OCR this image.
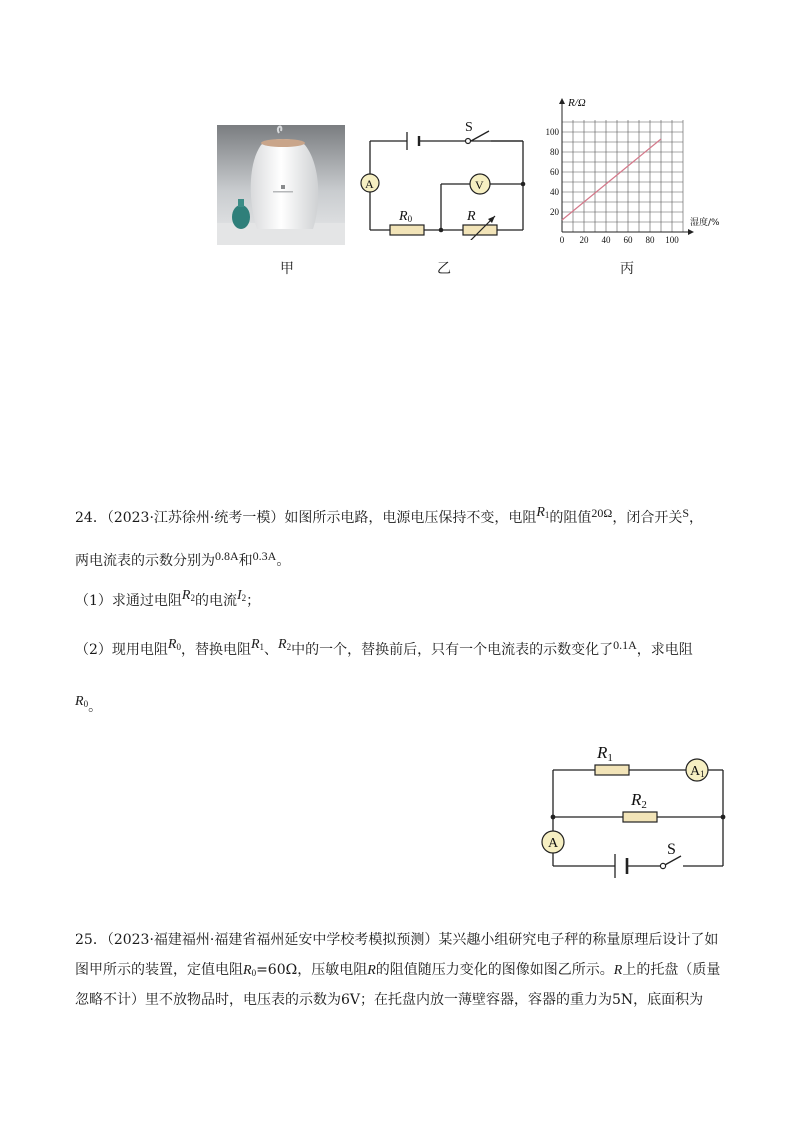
S
A	V
R0	R
100
80
60
40
20
0 20 40 60 80 100
R/Ω
湿度/%
甲	乙	丙
24．（2023·江苏徐州·统考一模）如图所示电路，电源电压保持不变，电阻$R_1$的阻值20Ω，闭合开关S，
两电流表的示数分别为0.8A和0.3A。
（1）求通过电阻$R_2$的电流$I_2$；
（2）现用电阻$R_0$，替换电阻$R_1$、$R_2$中的一个，替换前后，只有一个电流表的示数变化了0.1A，求电阻
$R_0$。
R1
R2
A1
A	S
25．（2023·福建福州·福建省福州延安中学校考模拟预测）某兴趣小组研究电子秤的称量原理后设计了如
图甲所示的装置，定值电阻$R_0=60\Omega$，压敏电阻R的阻值随压力变化的图像如图乙所示。R上的托盘（质量
忽略不计）里不放物品时，电压表的示数为6V；在托盘内放一薄壁容器，容器的重力为5N，底面积为
